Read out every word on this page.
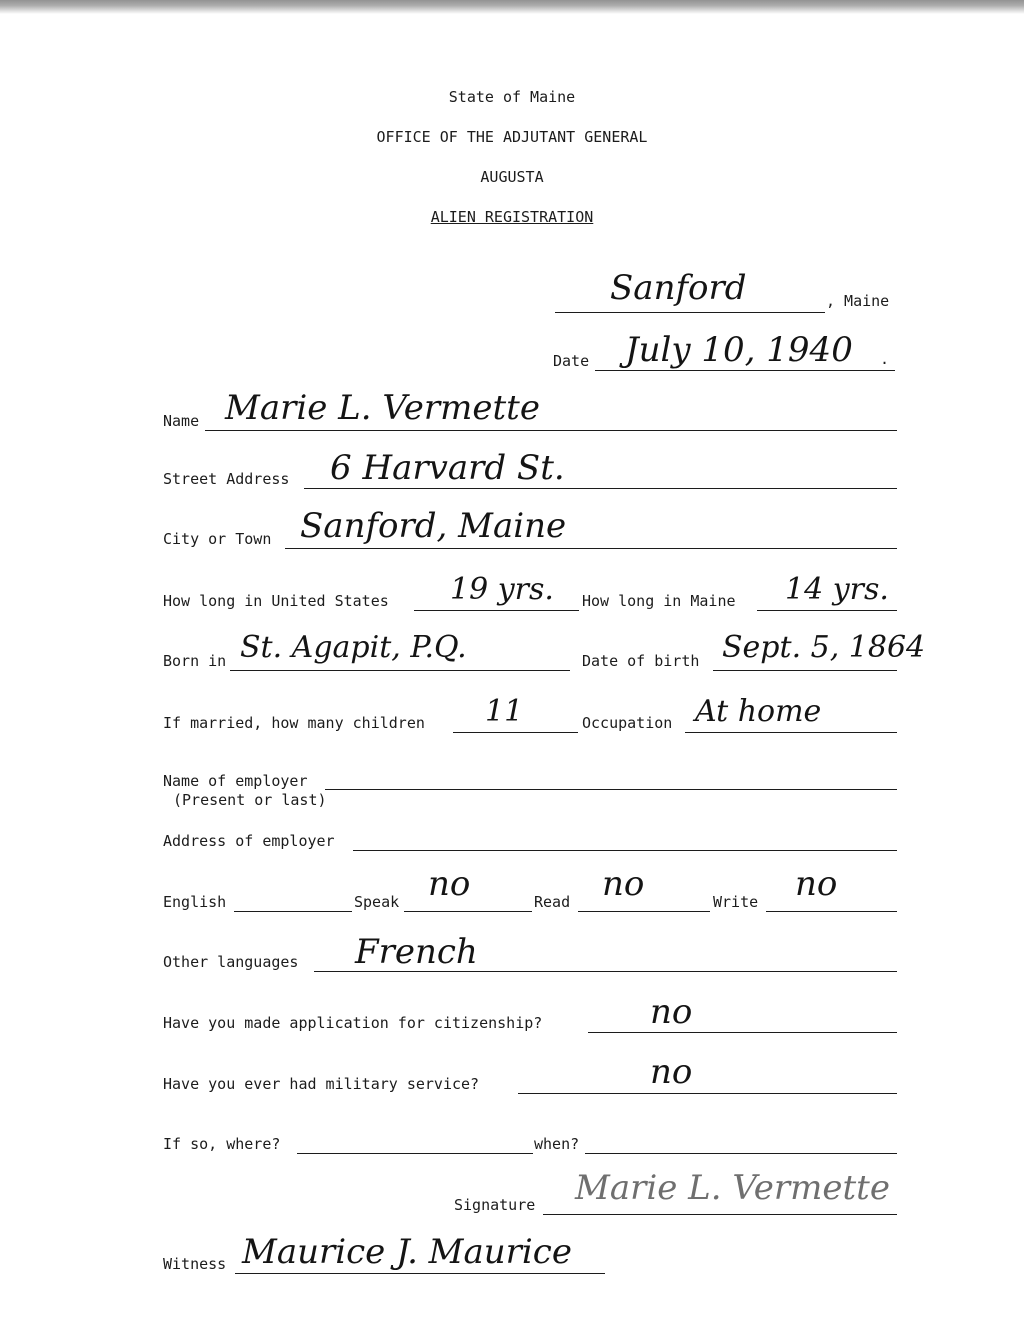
State of Maine
OFFICE OF THE ADJUTANT GENERAL
AUGUSTA
ALIEN REGISTRATION
Sanford	, Maine
Date July 10, 1940 .
Name Marie L. Vermette
Street Address 6 Harvard St.
City or Town Sanford, Maine
How long in United States 19 yrs. How long in Maine 14 yrs.
Born in St. Agapit, P.Q.	Date of birth Sept. 5, 1864
If married, how many children 11	Occupation At home
Name of employer
(Present or last)
Address of employer
English	Speak no	Read no	Write no
Other languages French
Have you made application for citizenship?	no
Have you ever had military service?	no
If so, where?	when?
Signature Marie L. Vermette
Witness Maurice J. Maurice
